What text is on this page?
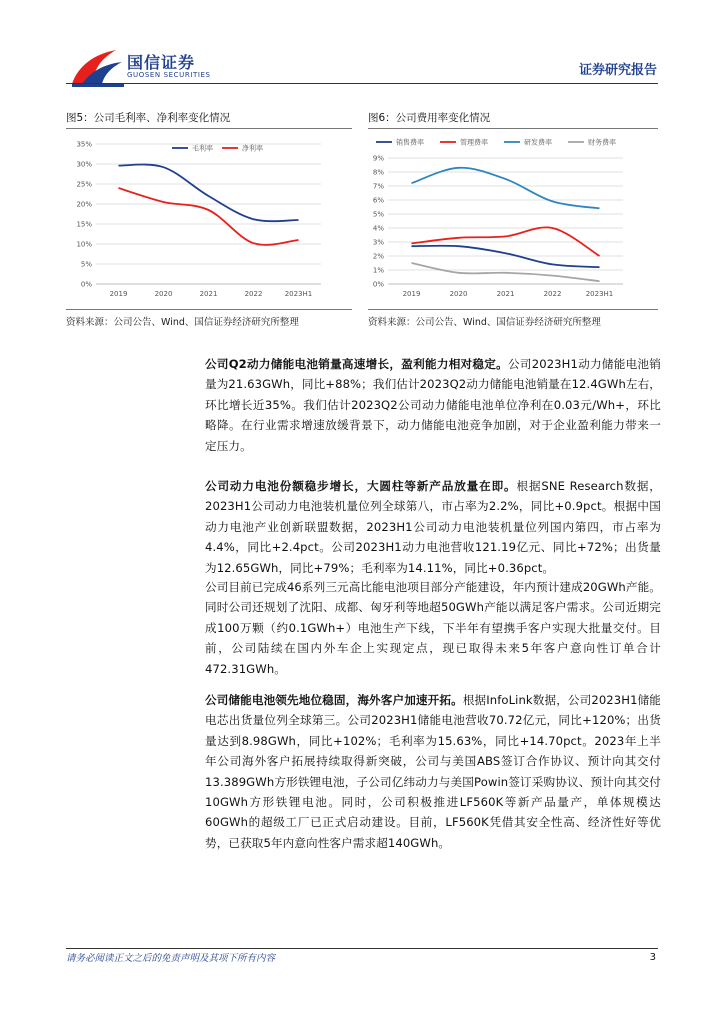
国信证券
GUOSEN SECURITIES	证券研究报告
图5：公司毛利率、净利率变化情况
0%
5%
10%
15%
20%
25%
30%
35%
2019	2020	2021	2022	2023H1
毛利率	净利率
资料来源：公司公告、Wind、国信证券经济研究所整理
图6：公司费用率变化情况
0%
1%
2%
3%
4%
5%
6%
7%
8%
9%
2019	2020	2021	2022	2023H1
销售费率	管理费率	研发费率	财务费率
资料来源：公司公告、Wind、国信证券经济研究所整理
公司Q2动力储能电池销量高速增长，盈利能力相对稳定。公司2023H1动力储能电池销量为21.63GWh，同比+88%；我们估计2023Q2动力储能电池销量在12.4GWh左右，环比增长近35%。我们估计2023Q2公司动力储能电池单位净利在0.03元/Wh+，环比略降。在行业需求增速放缓背景下，动力储能电池竞争加剧，对于企业盈利能力带来一定压力。
公司动力电池份额稳步增长，大圆柱等新产品放量在即。根据SNE Research数据，2023H1公司动力电池装机量位列全球第八，市占率为2.2%，同比+0.9pct。根据中国动力电池产业创新联盟数据，2023H1公司动力电池装机量位列国内第四，市占率为4.4%，同比+2.4pct。公司2023H1动力电池营收121.19亿元、同比+72%；出货量为12.65GWh，同比+79%；毛利率为14.11%，同比+0.36pct。
公司目前已完成46系列三元高比能电池项目部分产能建设，年内预计建成20GWh产能。同时公司还规划了沈阳、成都、匈牙利等地超50GWh产能以满足客户需求。公司近期完成100万颗（约0.1GWh+）电池生产下线，下半年有望携手客户实现大批量交付。目前，公司陆续在国内外车企上实现定点，现已取得未来5年客户意向性订单合计472.31GWh。
公司储能电池领先地位稳固，海外客户加速开拓。根据InfoLink数据，公司2023H1储能电芯出货量位列全球第三。公司2023H1储能电池营收70.72亿元，同比+120%；出货量达到8.98GWh，同比+102%；毛利率为15.63%，同比+14.70pct。2023年上半年公司海外客户拓展持续取得新突破，公司与美国ABS签订合作协议、预计向其交付13.389GWh方形铁锂电池，子公司亿纬动力与美国Powin签订采购协议、预计向其交付10GWh方形铁锂电池。同时，公司积极推进LF560K等新产品量产，单体规模达60GWh的超级工厂已正式启动建设。目前，LF560K凭借其安全性高、经济性好等优势，已获取5年内意向性客户需求超140GWh。
请务必阅读正文之后的免责声明及其项下所有内容	3
